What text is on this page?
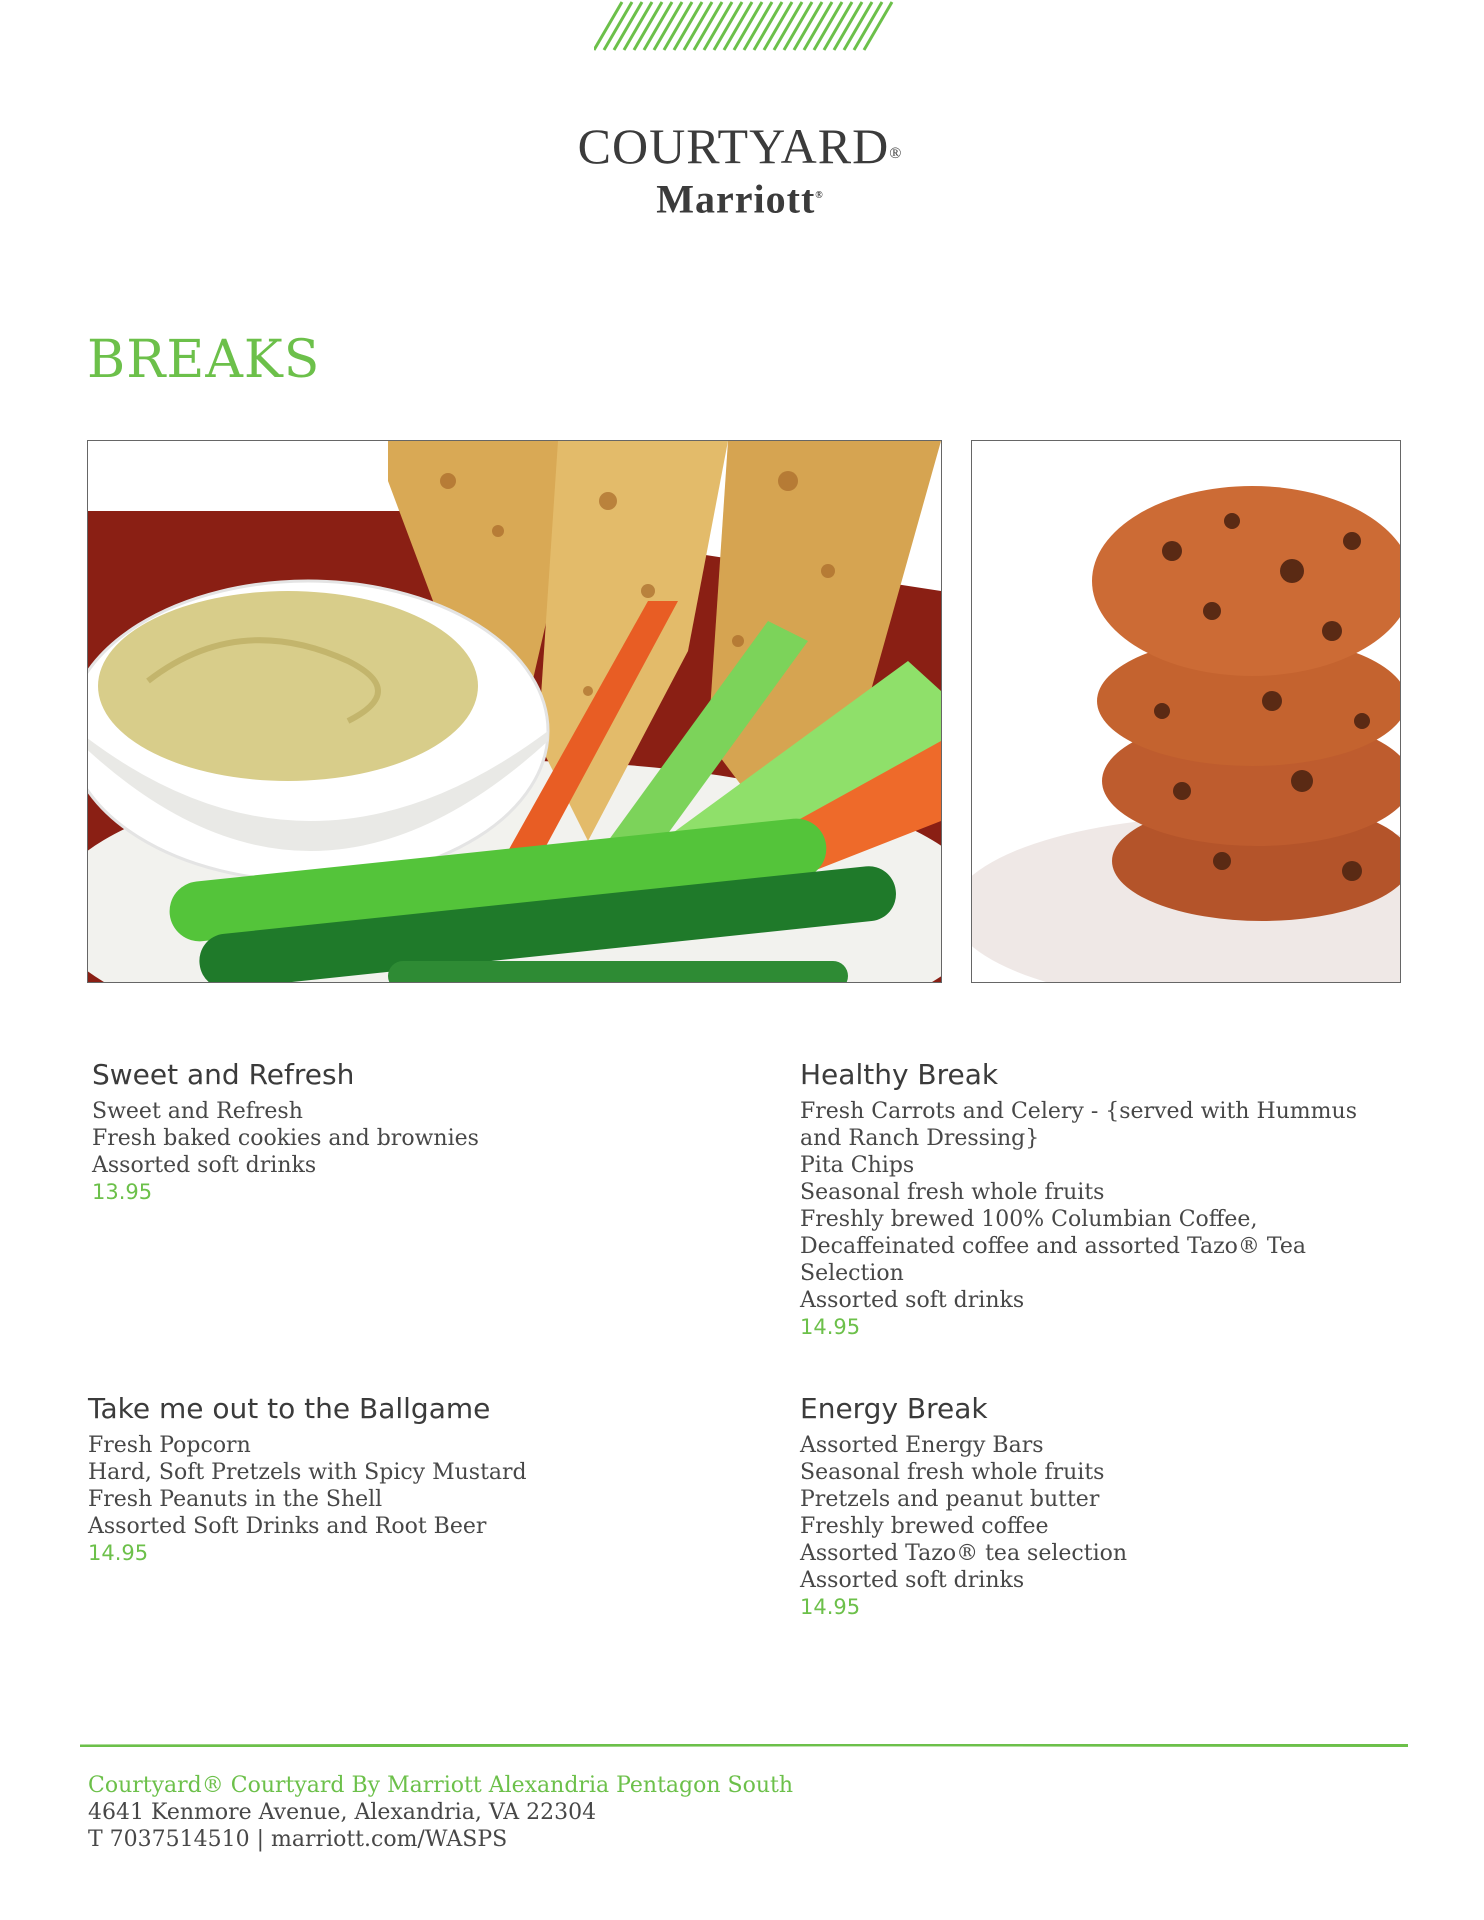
COURTYARD®
Marriott®
BREAKS
Sweet and Refresh
Sweet and Refresh
Fresh baked cookies and brownies
Assorted soft drinks
13.95
Healthy Break
Fresh Carrots and Celery - {served with Hummus
and Ranch Dressing}
Pita Chips
Seasonal fresh whole fruits
Freshly brewed 100% Columbian Coffee,
Decaffeinated coffee and assorted Tazo® Tea
Selection
Assorted soft drinks
14.95
Take me out to the Ballgame
Fresh Popcorn
Hard, Soft Pretzels with Spicy Mustard
Fresh Peanuts in the Shell
Assorted Soft Drinks and Root Beer
14.95
Energy Break
Assorted Energy Bars
Seasonal fresh whole fruits
Pretzels and peanut butter
Freshly brewed coffee
Assorted Tazo® tea selection
Assorted soft drinks
14.95
Courtyard® Courtyard By Marriott Alexandria Pentagon South
4641 Kenmore Avenue, Alexandria, VA 22304
T 7037514510 | marriott.com/WASPS
